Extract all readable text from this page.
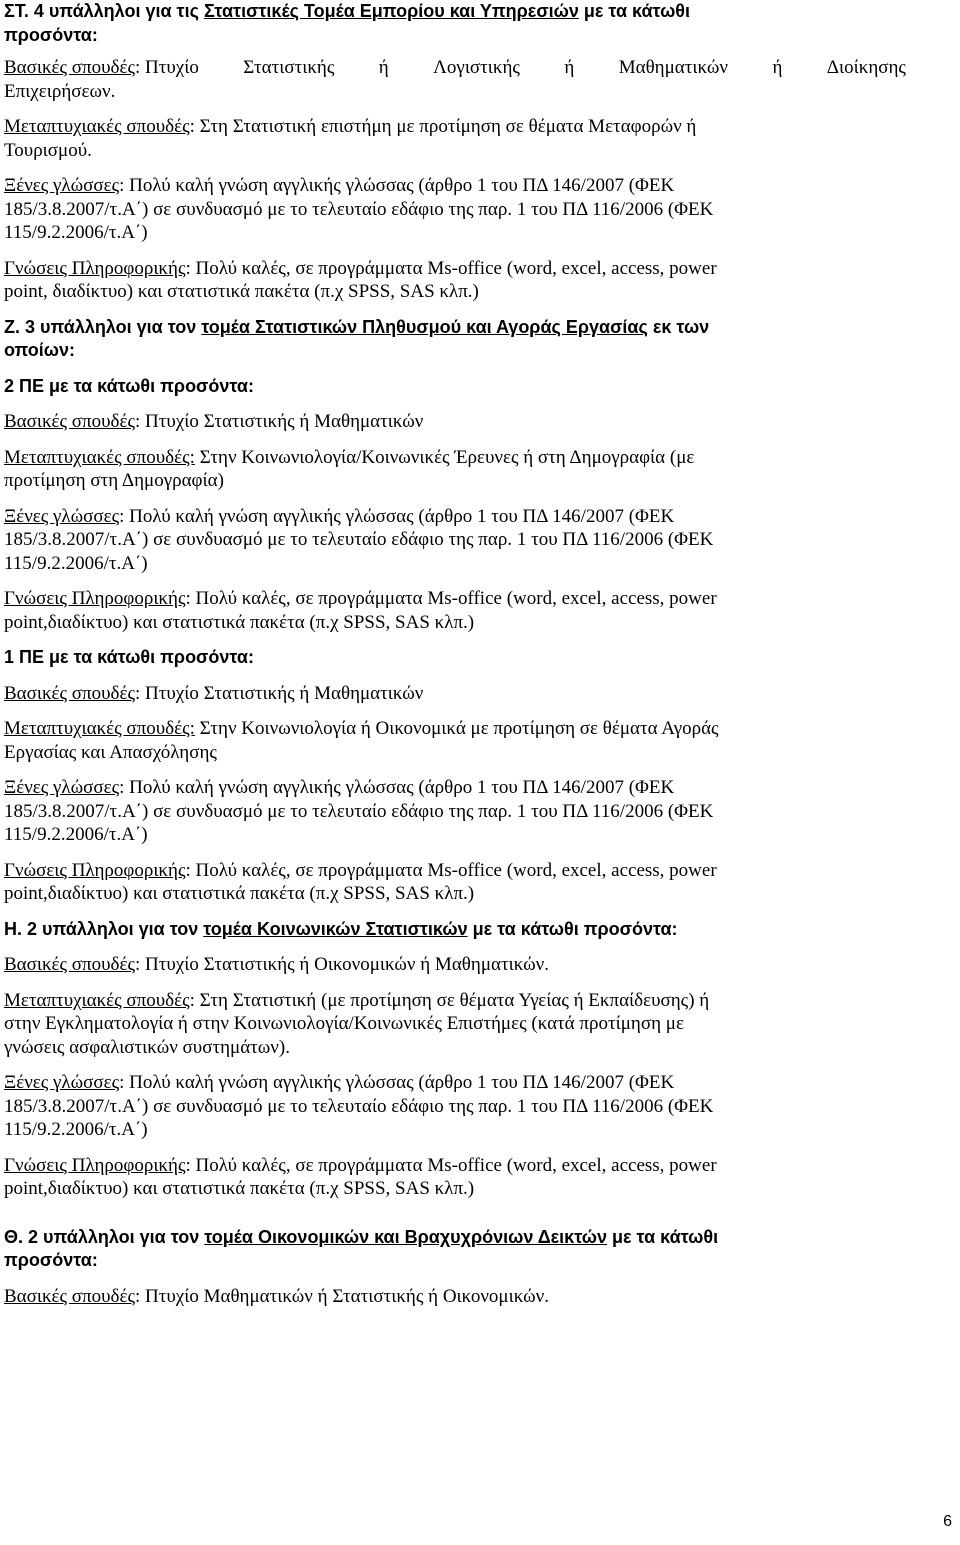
ΣΤ. 4 υπάλληλοι για τις Στατιστικές Τομέα Εμπορίου και Υπηρεσιών με τα κάτωθι
προσόντα:
Βασικές σπουδές: Πτυχίο Στατιστικής ή Λογιστικής ή Μαθηματικών ή Διοίκησης
Επιχειρήσεων.
Μεταπτυχιακές σπουδές: Στη Στατιστική επιστήμη με προτίμηση σε θέματα Μεταφορών ή
Τουρισμού.
Ξένες γλώσσες: Πολύ καλή γνώση αγγλικής γλώσσας (άρθρο 1 του ΠΔ 146/2007 (ΦΕΚ
185/3.8.2007/τ.Α΄) σε συνδυασμό με το τελευταίο εδάφιο της παρ. 1 του ΠΔ 116/2006 (ΦΕΚ
115/9.2.2006/τ.Α΄)
Γνώσεις Πληροφορικής: Πολύ καλές, σε προγράμματα Ms-office (word, excel, access, power
point, διαδίκτυο) και στατιστικά πακέτα (π.χ SPSS, SAS κλπ.)
Ζ. 3 υπάλληλοι για τον τομέα Στατιστικών Πληθυσμού και Αγοράς Εργασίας εκ των
οποίων:
2 ΠΕ με τα κάτωθι προσόντα:
Βασικές σπουδές: Πτυχίο Στατιστικής ή Μαθηματικών
Μεταπτυχιακές σπουδές: Στην Κοινωνιολογία/Κοινωνικές Έρευνες ή στη Δημογραφία (με
προτίμηση στη Δημογραφία)
Ξένες γλώσσες: Πολύ καλή γνώση αγγλικής γλώσσας (άρθρο 1 του ΠΔ 146/2007 (ΦΕΚ
185/3.8.2007/τ.Α΄) σε συνδυασμό με το τελευταίο εδάφιο της παρ. 1 του ΠΔ 116/2006 (ΦΕΚ
115/9.2.2006/τ.Α΄)
Γνώσεις Πληροφορικής: Πολύ καλές, σε προγράμματα Ms-office (word, excel, access, power
point,διαδίκτυο) και στατιστικά πακέτα (π.χ SPSS, SAS κλπ.)
1 ΠΕ με τα κάτωθι προσόντα:
Βασικές σπουδές: Πτυχίο Στατιστικής ή Μαθηματικών
Μεταπτυχιακές σπουδές: Στην Κοινωνιολογία ή Οικονομικά με προτίμηση σε θέματα Αγοράς
Εργασίας και Απασχόλησης
Ξένες γλώσσες: Πολύ καλή γνώση αγγλικής γλώσσας (άρθρο 1 του ΠΔ 146/2007 (ΦΕΚ
185/3.8.2007/τ.Α΄) σε συνδυασμό με το τελευταίο εδάφιο της παρ. 1 του ΠΔ 116/2006 (ΦΕΚ
115/9.2.2006/τ.Α΄)
Γνώσεις Πληροφορικής: Πολύ καλές, σε προγράμματα Ms-office (word, excel, access, power
point,διαδίκτυο) και στατιστικά πακέτα (π.χ SPSS, SAS κλπ.)
Η. 2 υπάλληλοι για τον τομέα Κοινωνικών Στατιστικών με τα κάτωθι προσόντα:
Βασικές σπουδές: Πτυχίο Στατιστικής ή Οικονομικών ή Μαθηματικών.
Μεταπτυχιακές σπουδές: Στη Στατιστική (με προτίμηση σε θέματα Υγείας ή Εκπαίδευσης) ή
στην Εγκληματολογία ή στην Κοινωνιολογία/Κοινωνικές Επιστήμες (κατά προτίμηση με
γνώσεις ασφαλιστικών συστημάτων).
Ξένες γλώσσες: Πολύ καλή γνώση αγγλικής γλώσσας (άρθρο 1 του ΠΔ 146/2007 (ΦΕΚ
185/3.8.2007/τ.Α΄) σε συνδυασμό με το τελευταίο εδάφιο της παρ. 1 του ΠΔ 116/2006 (ΦΕΚ
115/9.2.2006/τ.Α΄)
Γνώσεις Πληροφορικής: Πολύ καλές, σε προγράμματα Ms-office (word, excel, access, power
point,διαδίκτυο) και στατιστικά πακέτα (π.χ SPSS, SAS κλπ.)
Θ. 2 υπάλληλοι για τον τομέα Οικονομικών και Βραχυχρόνιων Δεικτών με τα κάτωθι
προσόντα:
Βασικές σπουδές: Πτυχίο Μαθηματικών ή Στατιστικής ή Οικονομικών.
6
